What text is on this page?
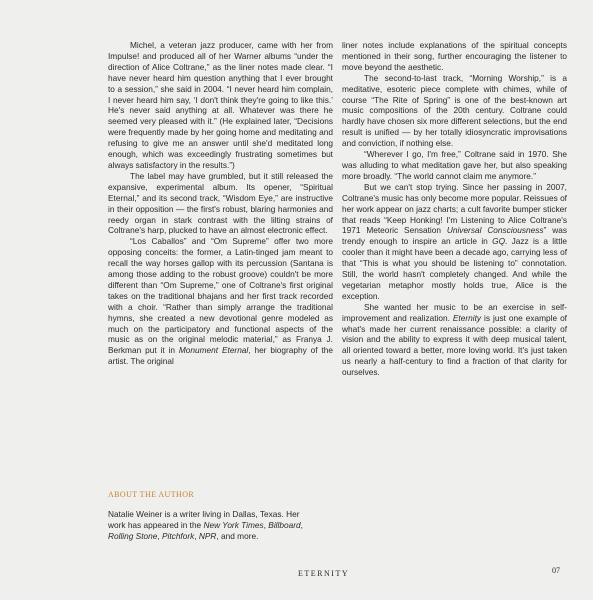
Michel, a veteran jazz producer, came with her from Impulse! and produced all of her Warner albums “under the direction of Alice Coltrane,” as the liner notes made clear. “I have never heard him question anything that I ever brought to a session,” she said in 2004. “I never heard him complain, I never heard him say, ‘I don't think they're going to like this.’ He's never said anything at all. Whatever was there he seemed very pleased with it.” (He explained later, “Decisions were frequently made by her going home and meditating and refusing to give me an answer until she'd meditated long enough, which was exceedingly frustrating sometimes but always satisfactory in the results.”)

The label may have grumbled, but it still released the expansive, experimental album. Its opener, “Spiritual Eternal,” and its second track, “Wisdom Eye,” are instructive in their opposition — the first's robust, blaring harmonies and reedy organ in stark contrast with the lilting strains of Coltrane's harp, plucked to have an almost electronic effect.

“Los Caballos” and “Om Supreme” offer two more opposing conceits: the former, a Latin-tinged jam meant to recall the way horses gallop with its percussion (Santana is among those adding to the robust groove) couldn't be more different than “Om Supreme,” one of Coltrane's first original takes on the traditional bhajans and her first track recorded with a choir. “Rather than simply arrange the traditional hymns, she created a new devotional genre modeled as much on the participatory and functional aspects of the music as on the original melodic material,” as Franya J. Berkman put it in Monument Eternal, her biography of the artist. The original

liner notes include explanations of the spiritual concepts mentioned in their song, further encouraging the listener to move beyond the aesthetic.

The second-to-last track, “Morning Worship,” is a meditative, esoteric piece complete with chimes, while of course “The Rite of Spring” is one of the best-known art music compositions of the 20th century. Coltrane could hardly have chosen six more different selections, but the end result is unified — by her totally idiosyncratic improvisations and conviction, if nothing else.

“Wherever I go, I'm free,” Coltrane said in 1970. She was alluding to what meditation gave her, but also speaking more broadly. “The world cannot claim me anymore.”

But we can't stop trying. Since her passing in 2007, Coltrane's music has only become more popular. Reissues of her work appear on jazz charts; a cult favorite bumper sticker that reads “Keep Honking! I'm Listening to Alice Coltrane's 1971 Meteoric Sensation Universal Consciousness” was trendy enough to inspire an article in GQ. Jazz is a little cooler than it might have been a decade ago, carrying less of that “This is what you should be listening to” connotation. Still, the world hasn't completely changed. And while the vegetarian metaphor mostly holds true, Alice is the exception.

She wanted her music to be an exercise in self-improvement and realization. Eternity is just one example of what's made her current renaissance possible: a clarity of vision and the ability to express it with deep musical talent, all oriented toward a better, more loving world. It's just taken us nearly a half-century to find a fraction of that clarity for ourselves.

ABOUT THE AUTHOR

Natalie Weiner is a writer living in Dallas, Texas. Her work has appeared in the New York Times, Billboard, Rolling Stone, Pitchfork, NPR, and more.

ETERNITY	07
